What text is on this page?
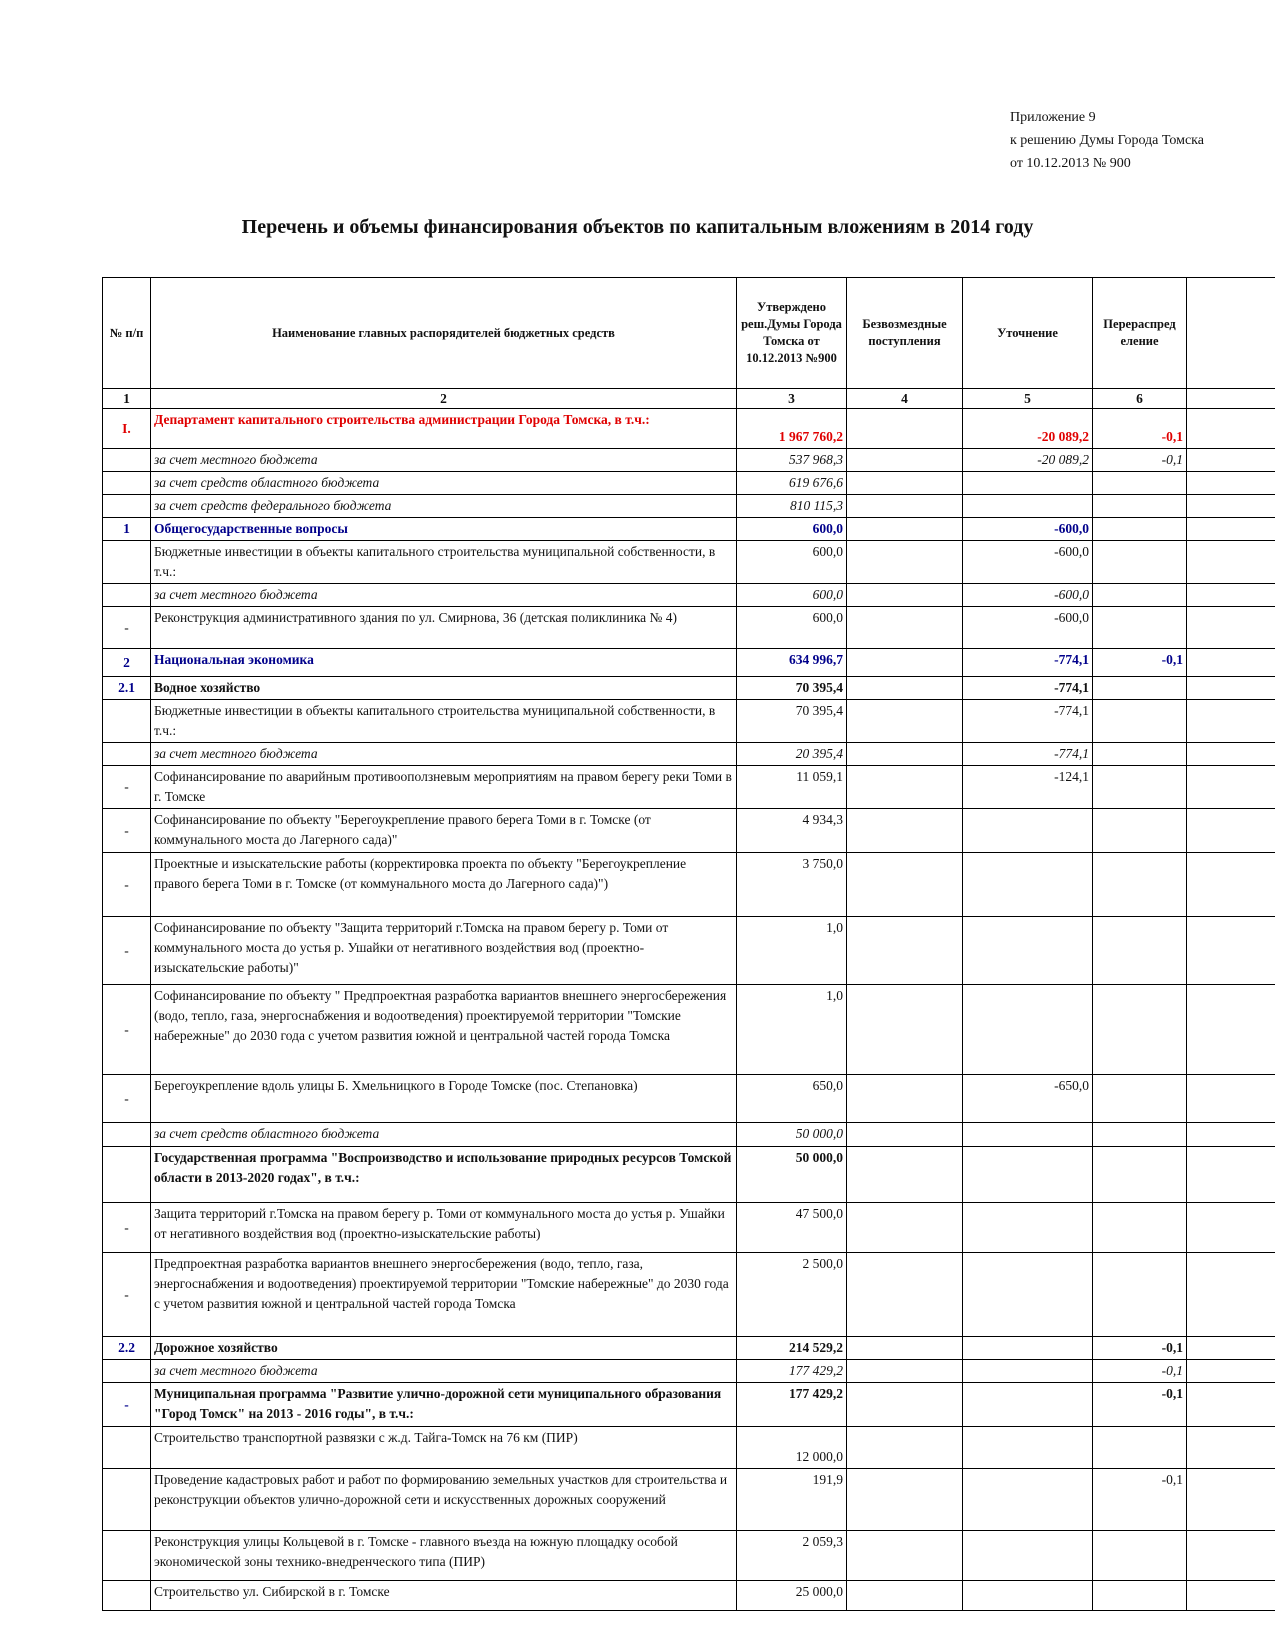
Приложение 9
к решению Думы Города Томска
от 10.12.2013 № 900
Перечень и объемы финансирования объектов по капитальным вложениям в 2014 году
№ п/п	Наименование главных распорядителей бюджетных средств	Утверждено реш.Думы Города Томска от 10.12.2013 №900	Безвозмездные поступления	Уточнение	Перераспред еление	
1	2	3	4	5	6	
I.	Департамент капитального строительства администрации Города Томска, в т.ч.:	1 967 760,2		-20 089,2	-0,1	
	за счет местного бюджета	537 968,3		-20 089,2	-0,1	
	за счет средств областного бюджета	619 676,6				
	за счет средств федерального бюджета	810 115,3				
1	Общегосударственные вопросы	600,0		-600,0		
	Бюджетные инвестиции в объекты капитального строительства муниципальной собственности, в т.ч.:	600,0		-600,0		
	за счет местного бюджета	600,0		-600,0		
-	Реконструкция административного здания по ул. Смирнова, 36 (детская поликлиника № 4)	600,0		-600,0		
2	Национальная экономика	634 996,7		-774,1	-0,1	
2.1	Водное хозяйство	70 395,4		-774,1		
	Бюджетные инвестиции в объекты капитального строительства муниципальной собственности, в т.ч.:	70 395,4		-774,1		
	за счет местного бюджета	20 395,4		-774,1		
-	Софинансирование по аварийным противооползневым мероприятиям на правом берегу реки Томи в г. Томске	11 059,1		-124,1		
-	Софинансирование по объекту "Берегоукрепление правого берега Томи в г. Томске (от коммунального моста до Лагерного сада)"	4 934,3				
-	Проектные и изыскательские работы (корректировка проекта по объекту "Берегоукрепление правого берега Томи в г. Томске (от коммунального моста до Лагерного сада)")	3 750,0				
-	Софинансирование по объекту "Защита территорий г.Томска на правом берегу р. Томи от коммунального моста до устья р. Ушайки от негативного воздействия вод (проектно-изыскательские работы)"	1,0				
-	Софинансирование по объекту " Предпроектная разработка вариантов внешнего энергосбережения (водо, тепло, газа, энергоснабжения и водоотведения) проектируемой территории "Томские набережные" до 2030 года с учетом развития южной и центральной частей города Томска	1,0				
-	Берегоукрепление вдоль улицы Б. Хмельницкого в Городе Томске (пос. Степановка)	650,0		-650,0		
	за счет средств областного бюджета	50 000,0				
	Государственная программа "Воспроизводство и использование природных ресурсов Томской области в 2013-2020 годах", в т.ч.:	50 000,0				
-	Защита территорий г.Томска на правом берегу р. Томи от коммунального моста до устья р. Ушайки от негативного воздействия вод (проектно-изыскательские работы)	47 500,0				
-	Предпроектная разработка вариантов внешнего энергосбережения (водо, тепло, газа, энергоснабжения и водоотведения) проектируемой территории "Томские набережные" до 2030 года с учетом развития южной и центральной частей города Томска	2 500,0				
2.2	Дорожное хозяйство	214 529,2			-0,1	
	за счет местного бюджета	177 429,2			-0,1	
-	Муниципальная программа "Развитие улично-дорожной сети муниципального образования "Город Томск" на 2013 - 2016 годы", в т.ч.:	177 429,2			-0,1	
	Строительство транспортной развязки с ж.д. Тайга-Томск на 76 км (ПИР)	12 000,0				
	Проведение кадастровых работ и работ по формированию земельных участков для строительства и реконструкции объектов улично-дорожной сети и искусственных дорожных сооружений	191,9			-0,1	
	Реконструкция улицы Кольцевой в г. Томске - главного въезда на южную площадку особой экономической зоны технико-внедренческого типа (ПИР)	2 059,3				
	Строительство ул. Сибирской в г. Томске	25 000,0				
